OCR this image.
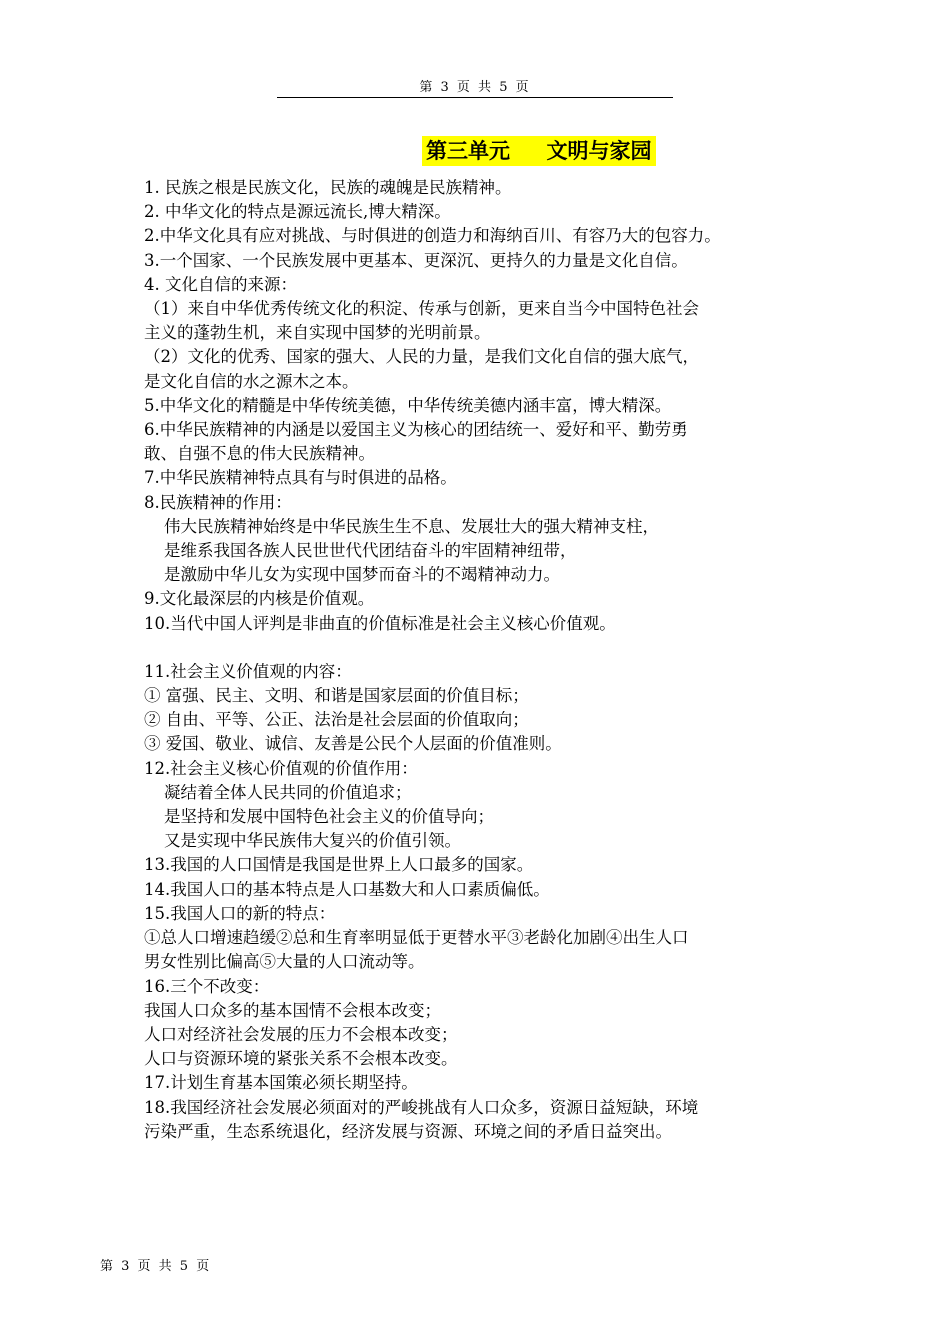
第 3 页 共 5 页
第三单元     文明与家园
1. 民族之根是民族文化，民族的魂魄是民族精神。
2. 中华文化的特点是源远流长,博大精深。
2.中华文化具有应对挑战、与时俱进的创造力和海纳百川、有容乃大的包容力。
3.一个国家、一个民族发展中更基本、更深沉、更持久的力量是文化自信。
4. 文化自信的来源：
（1）来自中华优秀传统文化的积淀、传承与创新，更来自当今中国特色社会
主义的蓬勃生机，来自实现中国梦的光明前景。
（2）文化的优秀、国家的强大、人民的力量，是我们文化自信的强大底气，
是文化自信的水之源木之本。
5.中华文化的精髓是中华传统美德，中华传统美德内涵丰富，博大精深。
6.中华民族精神的内涵是以爱国主义为核心的团结统一、爱好和平、勤劳勇
敢、自强不息的伟大民族精神。
7.中华民族精神特点具有与时俱进的品格。
8.民族精神的作用：
伟大民族精神始终是中华民族生生不息、发展壮大的强大精神支柱，
是维系我国各族人民世世代代团结奋斗的牢固精神纽带，
是激励中华儿女为实现中国梦而奋斗的不竭精神动力。
9.文化最深层的内核是价值观。
10.当代中国人评判是非曲直的价值标准是社会主义核心价值观。
11.社会主义价值观的内容：
① 富强、民主、文明、和谐是国家层面的价值目标；
② 自由、平等、公正、法治是社会层面的价值取向；
③ 爱国、敬业、诚信、友善是公民个人层面的价值准则。
12.社会主义核心价值观的价值作用：
凝结着全体人民共同的价值追求；
是坚持和发展中国特色社会主义的价值导向；
又是实现中华民族伟大复兴的价值引领。
13.我国的人口国情是我国是世界上人口最多的国家。
14.我国人口的基本特点是人口基数大和人口素质偏低。
15.我国人口的新的特点：
①总人口增速趋缓②总和生育率明显低于更替水平③老龄化加剧④出生人口
男女性别比偏高⑤大量的人口流动等。
16.三个不改变：
我国人口众多的基本国情不会根本改变；
人口对经济社会发展的压力不会根本改变；
人口与资源环境的紧张关系不会根本改变。
17.计划生育基本国策必须长期坚持。
18.我国经济社会发展必须面对的严峻挑战有人口众多，资源日益短缺，环境
污染严重，生态系统退化，经济发展与资源、环境之间的矛盾日益突出。
第 3 页 共 5 页
